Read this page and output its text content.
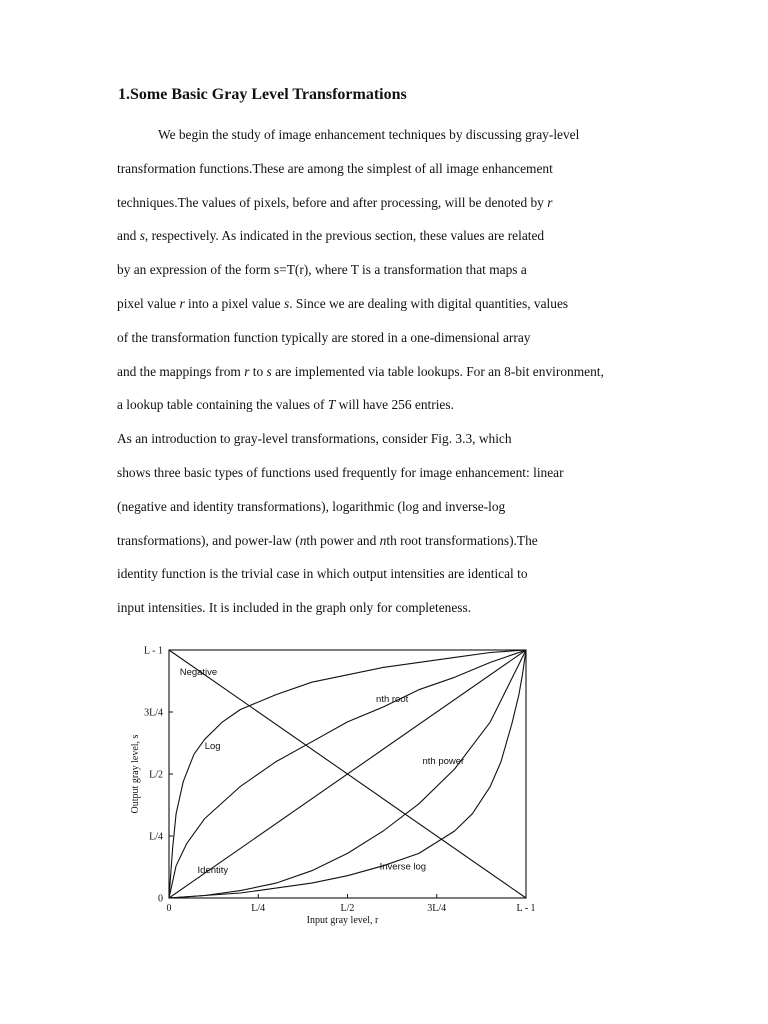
1.Some Basic Gray Level Transformations

We begin the study of image enhancement techniques by discussing gray-level

transformation functions.These are among the simplest of all image enhancement

techniques.The values of pixels, before and after processing, will be denoted by r

and s, respectively. As indicated in the previous section, these values are related

by an expression of the form s=T(r), where T is a transformation that maps a

pixel value r into a pixel value s. Since we are dealing with digital quantities, values

of the transformation function typically are stored in a one-dimensional array

and the mappings from r to s are implemented via table lookups. For an 8-bit environment,

a lookup table containing the values of T will have 256 entries.

As an introduction to gray-level transformations, consider Fig. 3.3, which

shows three basic types of functions used frequently for image enhancement: linear

(negative and identity transformations), logarithmic (log and inverse-log

transformations), and power-law (nth power and nth root transformations).The

identity function is the trivial case in which output intensities are identical to

input intensities. It is included in the graph only for completeness.

0	L/4	L/2	3L/4	L - 1
0
L/4
L/2
3L/4
L - 1
Input gray level, r
Output gray level, s
Negative
Identity
Log
nth root
nth power
Inverse log
